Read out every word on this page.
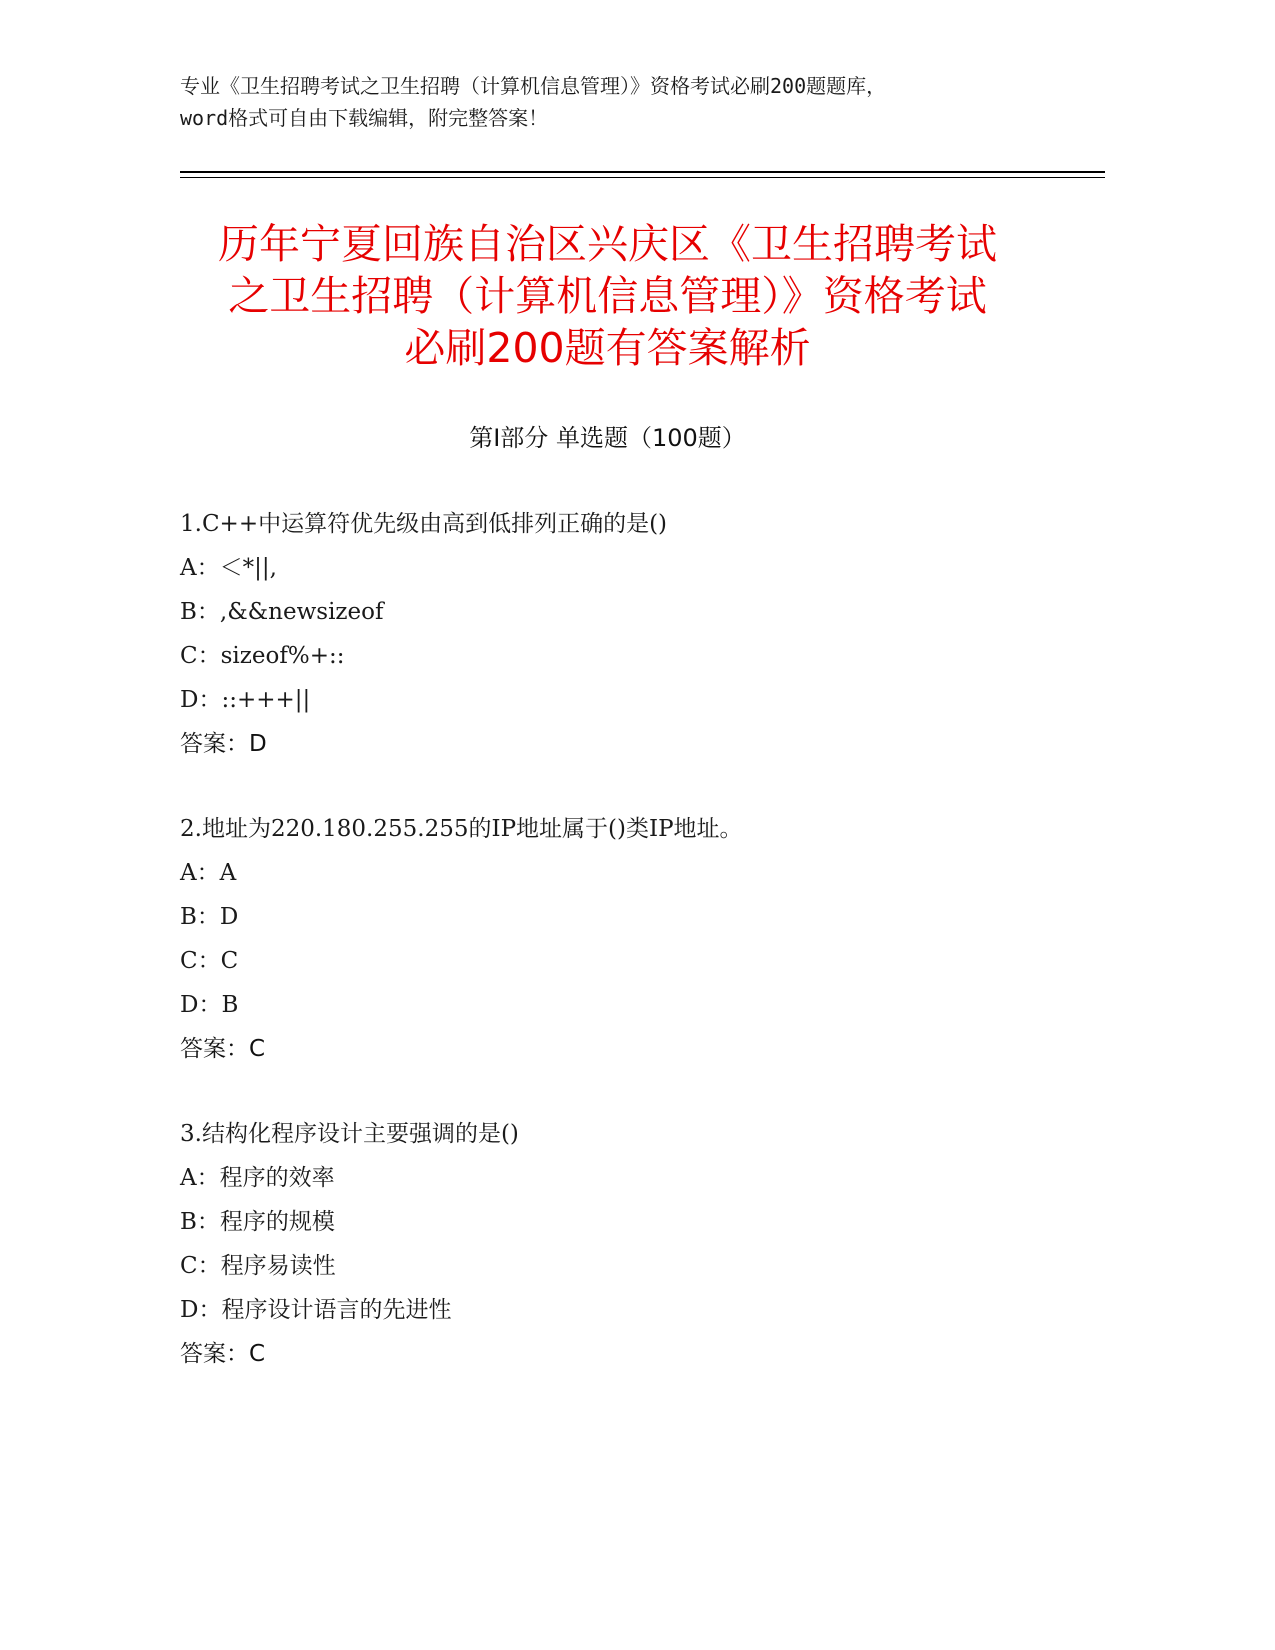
专业《卫生招聘考试之卫生招聘（计算机信息管理）》资格考试必刷200题题库，
word格式可自由下载编辑，附完整答案！
历年宁夏回族自治区兴庆区《卫生招聘考试
之卫生招聘（计算机信息管理）》资格考试
必刷200题有答案解析
第Ⅰ部分 单选题（100题）
1.C++中运算符优先级由高到低排列正确的是()
A：＜*||,
B：,&&newsizeof
C：sizeof%+::
D：::+++||
答案：D
2.地址为220.180.255.255的IP地址属于()类IP地址。
A：A
B：D
C：C
D：B
答案：C
3.结构化程序设计主要强调的是()
A：程序的效率
B：程序的规模
C：程序易读性
D：程序设计语言的先进性
答案：C
